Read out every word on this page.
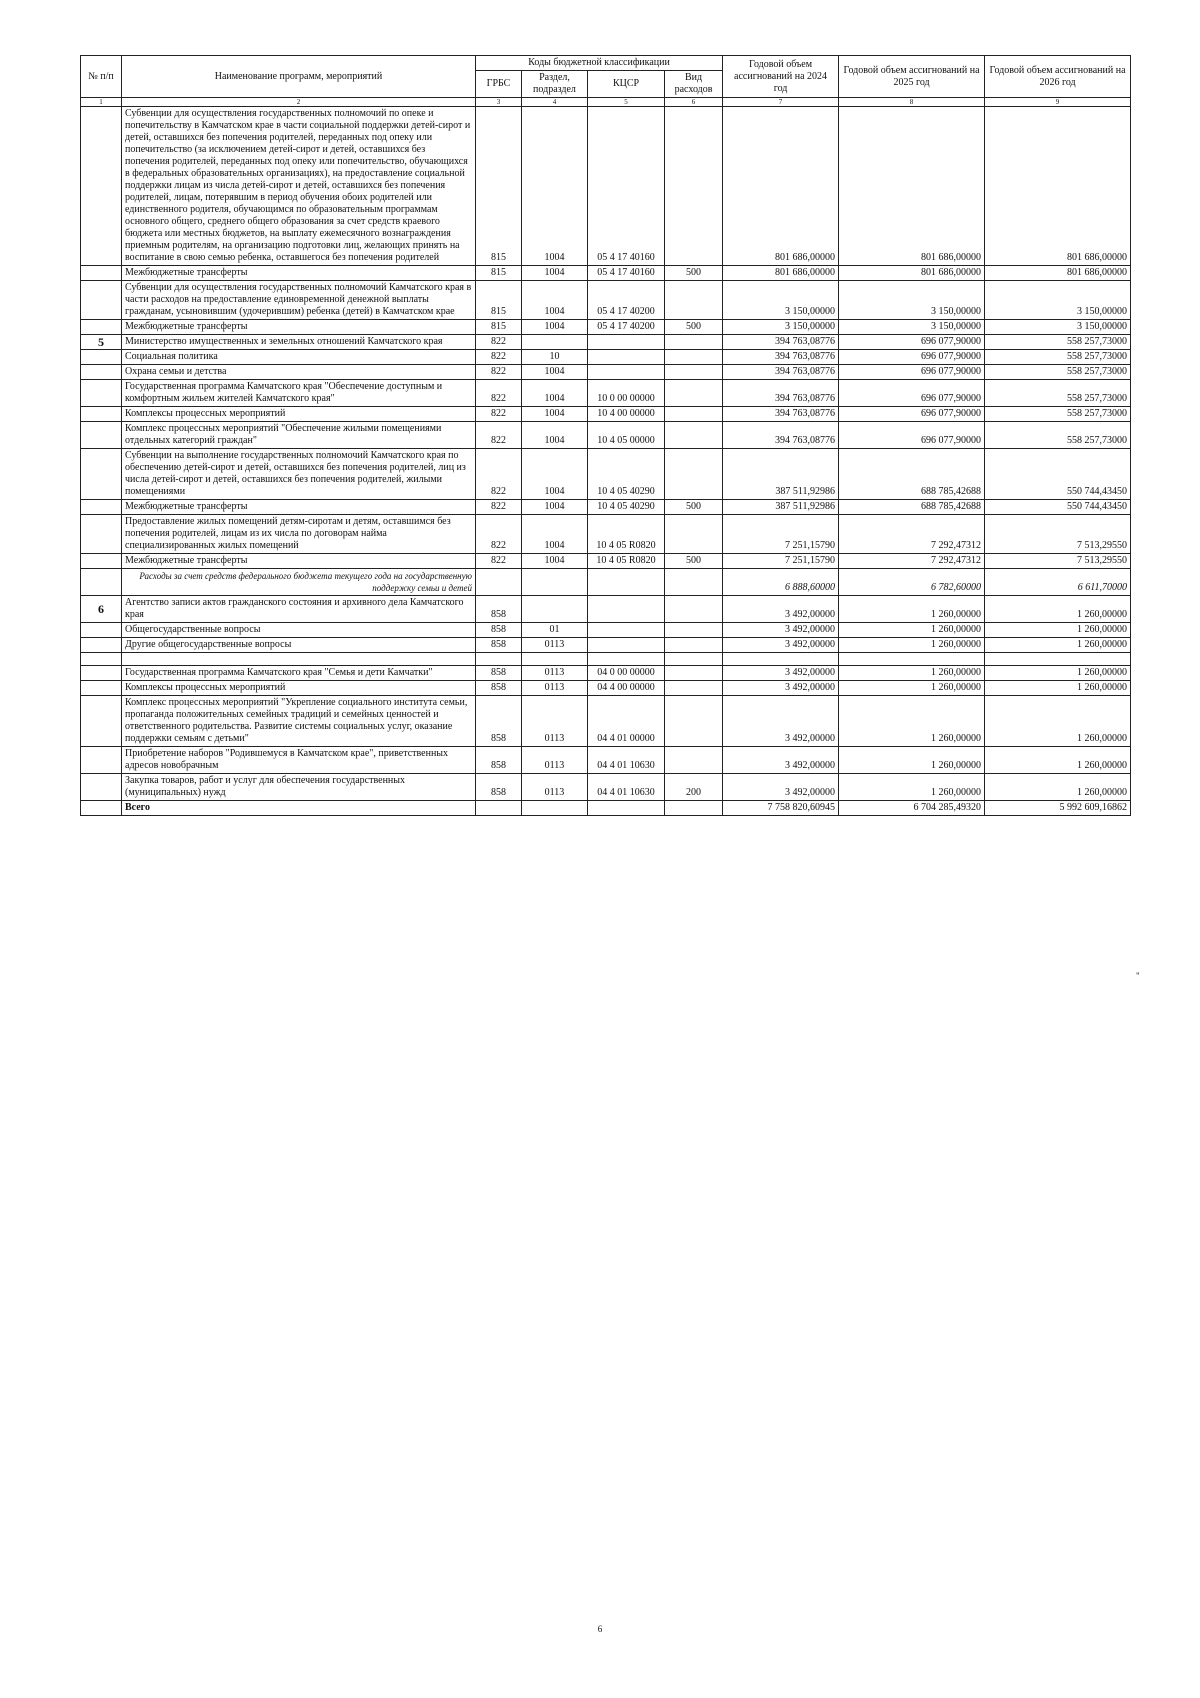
№ п/п	Наименование программ, мероприятий	Коды бюджетной классификации				Годовой объем ассигнований на 2024 год	Годовой объем ассигнований на 2025 год	Годовой объем ассигнований на 2026 год
		ГРБС	Раздел, подраздел	КЦСР	Вид расходов			
1	2	3	4	5	6	7	8	9
	Субвенции для осуществления государственных полномочий по опеке и попечительству в Камчатском крае в части социальной поддержки детей-сирот и детей, оставшихся без попечения родителей, переданных под опеку или попечительство (за исключением детей-сирот и детей, оставшихся без попечения родителей, переданных под опеку или попечительство, обучающихся в федеральных образовательных организациях), на предоставление социальной поддержки лицам из числа детей-сирот и детей, оставшихся без попечения родителей, лицам, потерявшим в период обучения обоих родителей или единственного родителя, обучающимся по образовательным программам основного общего, среднего общего образования за счет средств краевого бюджета или местных бюджетов, на выплату ежемесячного вознаграждения приемным родителям, на организацию подготовки лиц, желающих принять на воспитание в свою семью ребенка, оставшегося без попечения родителей	815	1004	05 4 17 40160		801 686,00000	801 686,00000	801 686,00000
	Межбюджетные трансферты	815	1004	05 4 17 40160	500	801 686,00000	801 686,00000	801 686,00000
	Субвенции для осуществления государственных полномочий Камчатского края в части расходов на предоставление единовременной денежной выплаты гражданам, усыновившим (удочерившим) ребенка (детей) в Камчатском крае	815	1004	05 4 17 40200		3 150,00000	3 150,00000	3 150,00000
	Межбюджетные трансферты	815	1004	05 4 17 40200	500	3 150,00000	3 150,00000	3 150,00000
5	Министерство имущественных и земельных отношений Камчатского края	822				394 763,08776	696 077,90000	558 257,73000
	Социальная политика	822	10			394 763,08776	696 077,90000	558 257,73000
	Охрана семьи и детства	822	1004			394 763,08776	696 077,90000	558 257,73000
	Государственная программа Камчатского края "Обеспечение доступным и комфортным жильем жителей Камчатского края"	822	1004	10 0 00 00000		394 763,08776	696 077,90000	558 257,73000
	Комплексы процессных мероприятий	822	1004	10 4 00 00000		394 763,08776	696 077,90000	558 257,73000
	Комплекс процессных мероприятий "Обеспечение жилыми помещениями отдельных категорий граждан"	822	1004	10 4 05 00000		394 763,08776	696 077,90000	558 257,73000
	Субвенции на выполнение государственных полномочий Камчатского края по обеспечению детей-сирот и детей, оставшихся без попечения родителей, лиц из числа детей-сирот и детей, оставшихся без попечения родителей, жилыми помещениями	822	1004	10 4 05 40290		387 511,92986	688 785,42688	550 744,43450
	Межбюджетные трансферты	822	1004	10 4 05 40290	500	387 511,92986	688 785,42688	550 744,43450
	Предоставление жилых помещений детям-сиротам и детям, оставшимся без попечения родителей, лицам из их числа по договорам найма специализированных жилых помещений	822	1004	10 4 05 R0820		7 251,15790	7 292,47312	7 513,29550
	Межбюджетные трансферты	822	1004	10 4 05 R0820	500	7 251,15790	7 292,47312	7 513,29550
	Расходы за счет средств федерального бюджета текущего года на государственную поддержку семьи и детей					6 888,60000	6 782,60000	6 611,70000
6	Агентство записи актов гражданского состояния и архивного дела Камчатского края	858				3 492,00000	1 260,00000	1 260,00000
	Общегосударственные вопросы	858	01			3 492,00000	1 260,00000	1 260,00000
	Другие общегосударственные вопросы	858	0113			3 492,00000	1 260,00000	1 260,00000

	Государственная программа Камчатского края "Семья и дети Камчатки"	858	0113	04 0 00 00000		3 492,00000	1 260,00000	1 260,00000
	Комплексы процессных мероприятий	858	0113	04 4 00 00000		3 492,00000	1 260,00000	1 260,00000
	Комплекс процессных мероприятий "Укрепление социального института семьи, пропаганда положительных семейных традиций и семейных ценностей и ответственного родительства. Развитие системы социальных услуг, оказание поддержки семьям с детьми"	858	0113	04 4 01 00000		3 492,00000	1 260,00000	1 260,00000
	Приобретение наборов "Родившемуся в Камчатском крае", приветственных адресов новобрачным	858	0113	04 4 01 10630		3 492,00000	1 260,00000	1 260,00000
	Закупка товаров, работ и услуг для обеспечения государственных (муниципальных) нужд	858	0113	04 4 01 10630	200	3 492,00000	1 260,00000	1 260,00000
	Всего					7 758 820,60945	6 704 285,49320	5 992 609,16862
"
6
